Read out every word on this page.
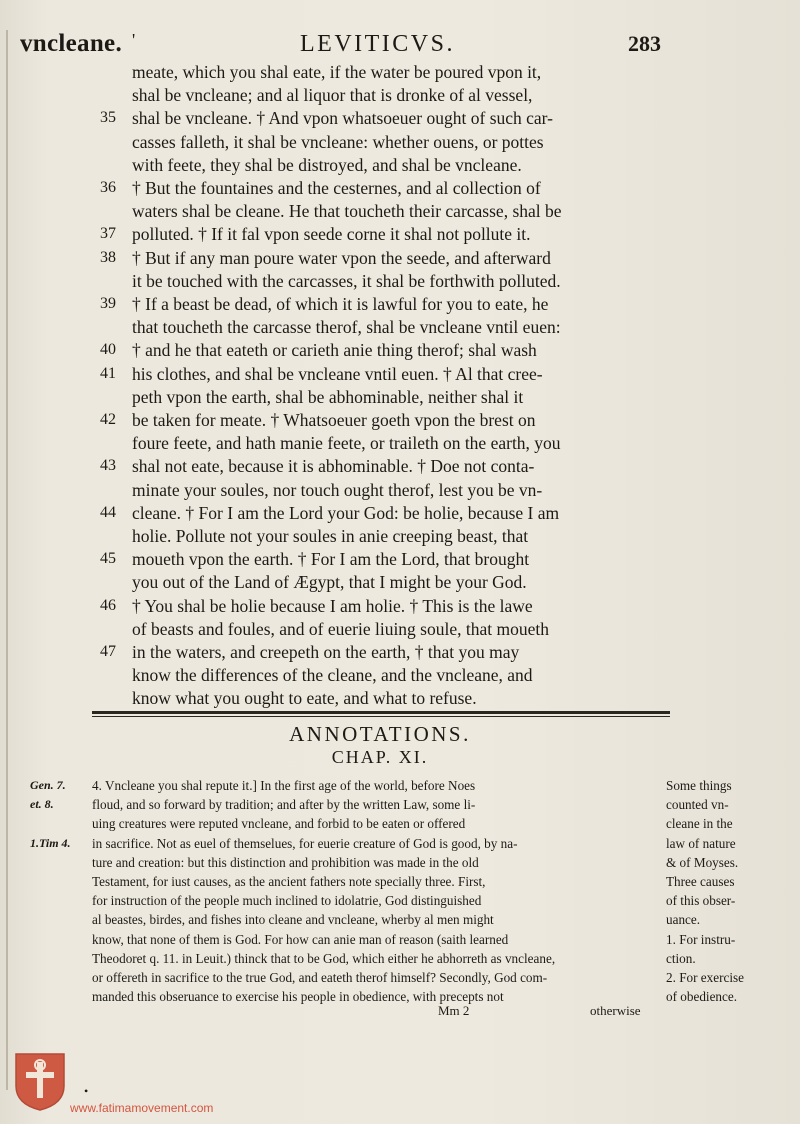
vncleane. '	LEVITICVS.	283
meate, which you shal eate, if the water be poured vpon it,
shal be vncleane; and al liquor that is dronke of al vessel,
35 shal be vncleane. † And vpon whatsoeuer ought of such car-
casses falleth, it shal be vncleane: whether ouens, or pottes
with feete, they shal be distroyed, and shal be vncleane.
36 † But the fountaines and the cesternes, and al collection of
waters shal be cleane. He that toucheth their carcasse, shal be
37 polluted. † If it fal vpon seede corne it shal not pollute it.
38 † But if any man poure water vpon the seede, and afterward
it be touched with the carcasses, it shal be forthwith polluted.
39 † If a beast be dead, of which it is lawful for you to eate, he
that toucheth the carcasse therof, shal be vncleane vntil euen:
40 † and he that eateth or carieth anie thing therof; shal wash
41 his clothes, and shal be vncleane vntil euen. † Al that cree-
peth vpon the earth, shal be abhominable, neither shal it
42 be taken for meate. † Whatsoeuer goeth vpon the brest on
foure feete, and hath manie feete, or traileth on the earth, you
43 shal not eate, because it is abhominable. † Doe not conta-
minate your soules, nor touch ought therof, lest you be vn-
44 cleane. † For I am the Lord your God: be holie, because I am
holie. Pollute not your soules in anie creeping beast, that
45 moueth vpon the earth. † For I am the Lord, that brought
you out of the Land of Ægypt, that I might be your God.
46 † You shal be holie because I am holie. † This is the lawe
of beasts and foules, and of euerie liuing soule, that moueth
47 in the waters, and creepeth on the earth, † that you may
know the differences of the cleane, and the vncleane, and
know what you ought to eate, and what to refuse.
ANNOTATIONS.
CHAP. XI.
4. Vncleane you shal repute it.] In the first age of the world, before Noes
floud, and so forward by tradition; and after by the written Law, some li-
uing creatures were reputed vncleane, and forbid to be eaten or offered
in sacrifice. Not as euel of themselues, for euerie creature of God is good, by na-
ture and creation: but this distinction and prohibition was made in the old
Testament, for iust causes, as the ancient fathers note specially three. First,
for instruction of the people much inclined to idolatrie, God distinguished
al beastes, birdes, and fishes into cleane and vncleane, wherby al men might
know, that none of them is God. For how can anie man of reason (saith learned
Theodoret q. 11. in Leuit.) thinck that to be God, which either he abhorreth as vncleane,
or offereth in sacrifice to the true God, and eateth therof himself? Secondly, God com-
manded this obseruance to exercise his people in obedience, with precepts not
Gen. 7.
et. 8.
1.Tim 4.
Some things
counted vn-
cleane in the
law of nature
& of Moyses.
Three causes
of this obser-
uance.
1. For instru-
ction.
2. For exercise
of obedience.
Mm 2	otherwise
•
www.fatimamovement.com
